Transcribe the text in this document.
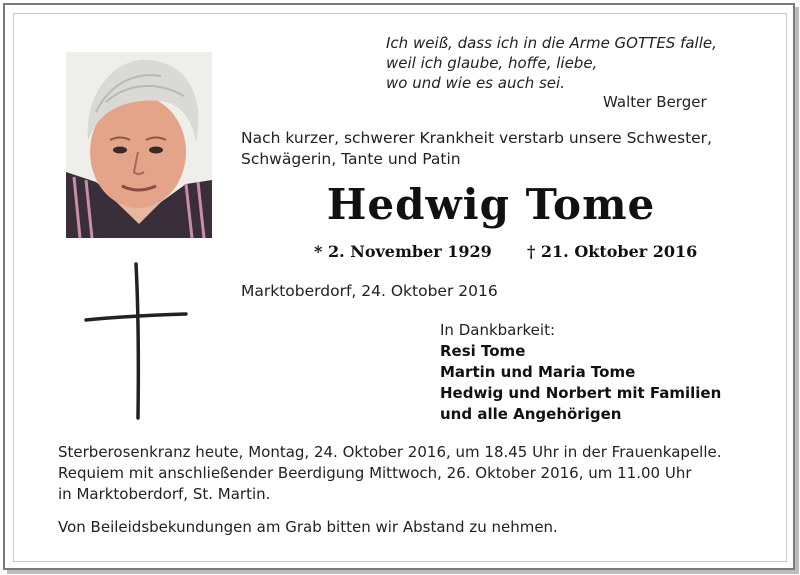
Ich weiß, dass ich in die Arme GOTTES falle,
weil ich glaube, hoffe, liebe,
wo und wie es auch sei.
Walter Berger
Nach kurzer, schwerer Krankheit verstarb unsere Schwester,
Schwägerin, Tante und Patin
Hedwig Tome
* 2. November 1929 † 21. Oktober 2016
Marktoberdorf, 24. Oktober 2016
In Dankbarkeit:
Resi Tome
Martin und Maria Tome
Hedwig und Norbert mit Familien
und alle Angehörigen
Sterberosenkranz heute, Montag, 24. Oktober 2016, um 18.45 Uhr in der Frauenkapelle.
Requiem mit anschließender Beerdigung Mittwoch, 26. Oktober 2016, um 11.00 Uhr
in Marktoberdorf, St. Martin.
Von Beileidsbekundungen am Grab bitten wir Abstand zu nehmen.
